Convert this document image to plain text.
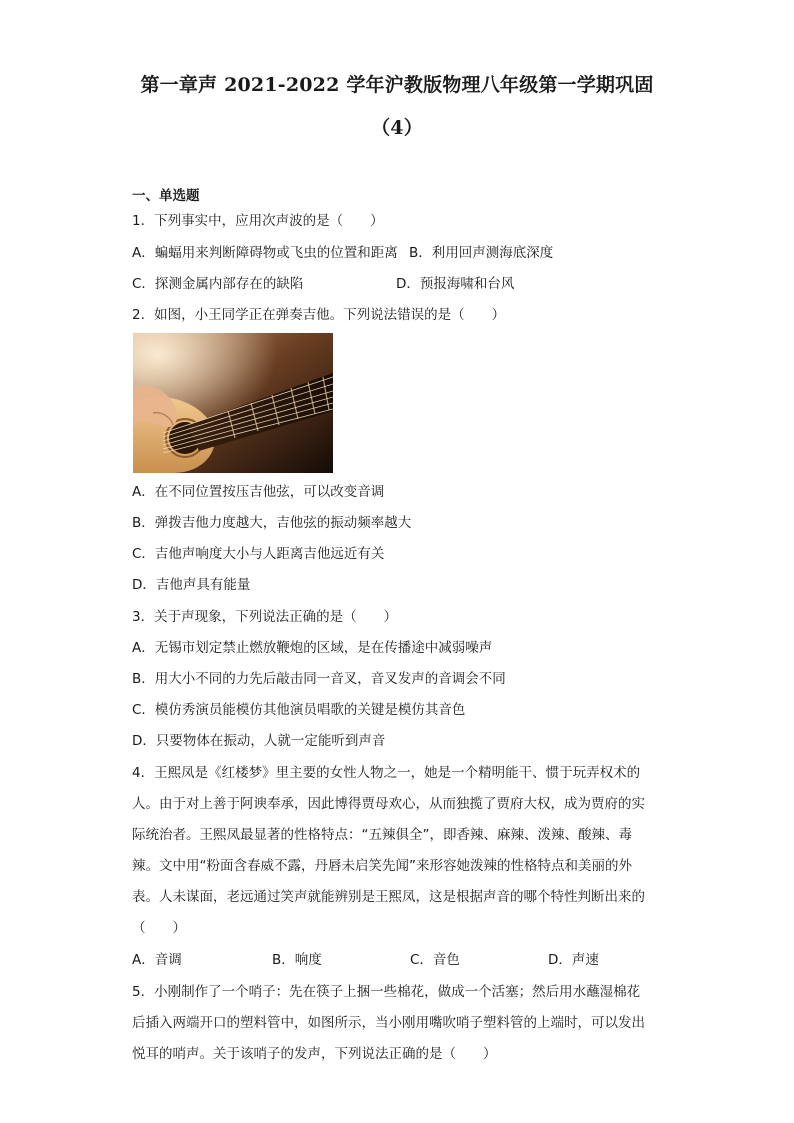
第一章声 2021-2022 学年沪教版物理八年级第一学期巩固
（4）
一、单选题
1．下列事实中，应用次声波的是（　　）
A．蝙蝠用来判断障碍物或飞虫的位置和距离 B．利用回声测海底深度
C．探测金属内部存在的缺陷	D．预报海啸和台风
2．如图，小王同学正在弹奏吉他。下列说法错误的是（　　）
A．在不同位置按压吉他弦，可以改变音调
B．弹拨吉他力度越大，吉他弦的振动频率越大
C．吉他声响度大小与人距离吉他远近有关
D．吉他声具有能量
3．关于声现象，下列说法正确的是（　　）
A．无锡市划定禁止燃放鞭炮的区域，是在传播途中减弱噪声
B．用大小不同的力先后敲击同一音叉，音叉发声的音调会不同
C．模仿秀演员能模仿其他演员唱歌的关键是模仿其音色
D．只要物体在振动，人就一定能听到声音
4．王熙凤是《红楼梦》里主要的女性人物之一，她是一个精明能干、惯于玩弄权术的
人。由于对上善于阿谀奉承，因此博得贾母欢心，从而独揽了贾府大权，成为贾府的实
际统治者。王熙凤最显著的性格特点：“五辣俱全”，即香辣、麻辣、泼辣、酸辣、毒
辣。文中用“粉面含春威不露，丹唇未启笑先闻”来形容她泼辣的性格特点和美丽的外
表。人未谋面，老远通过笑声就能辨别是王熙凤，这是根据声音的哪个特性判断出来的
（　　）
A．音调	B．响度	C．音色	D．声速
5．小刚制作了一个哨子：先在筷子上捆一些棉花，做成一个活塞；然后用水蘸湿棉花
后插入两端开口的塑料管中，如图所示，当小刚用嘴吹哨子塑料管的上端时，可以发出
悦耳的哨声。关于该哨子的发声，下列说法正确的是（　　）
